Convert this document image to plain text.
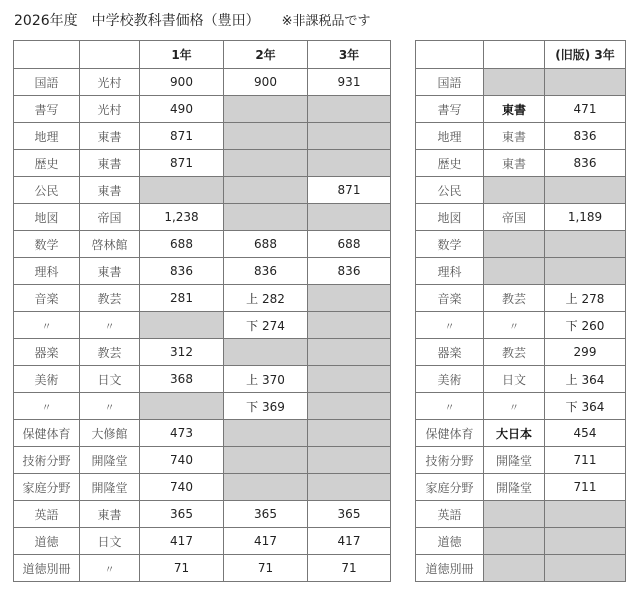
2026年度　中学校教科書価格（豊田） ※非課税品です
		1年	2年	3年
国語	光村	900	900	931
書写	光村	490		
地理	東書	871		
歴史	東書	871		
公民	東書			871
地図	帝国	1,238		
数学	啓林館	688	688	688
理科	東書	836	836	836
音楽	教芸	281	上 282	
〃	〃		下 274	
器楽	教芸	312		
美術	日文	368	上 370	
〃	〃		下 369	
保健体育	大修館	473		
技術分野	開隆堂	740		
家庭分野	開隆堂	740		
英語	東書	365	365	365
道徳	日文	417	417	417
道徳別冊	〃	71	71	71
		(旧版) 3年
国語		
書写	東書	471
地理	東書	836
歴史	東書	836
公民		
地図	帝国	1,189
数学		
理科		
音楽	教芸	上 278
〃	〃	下 260
器楽	教芸	299
美術	日文	上 364
〃	〃	下 364
保健体育	大日本	454
技術分野	開隆堂	711
家庭分野	開隆堂	711
英語		
道徳		
道徳別冊		
